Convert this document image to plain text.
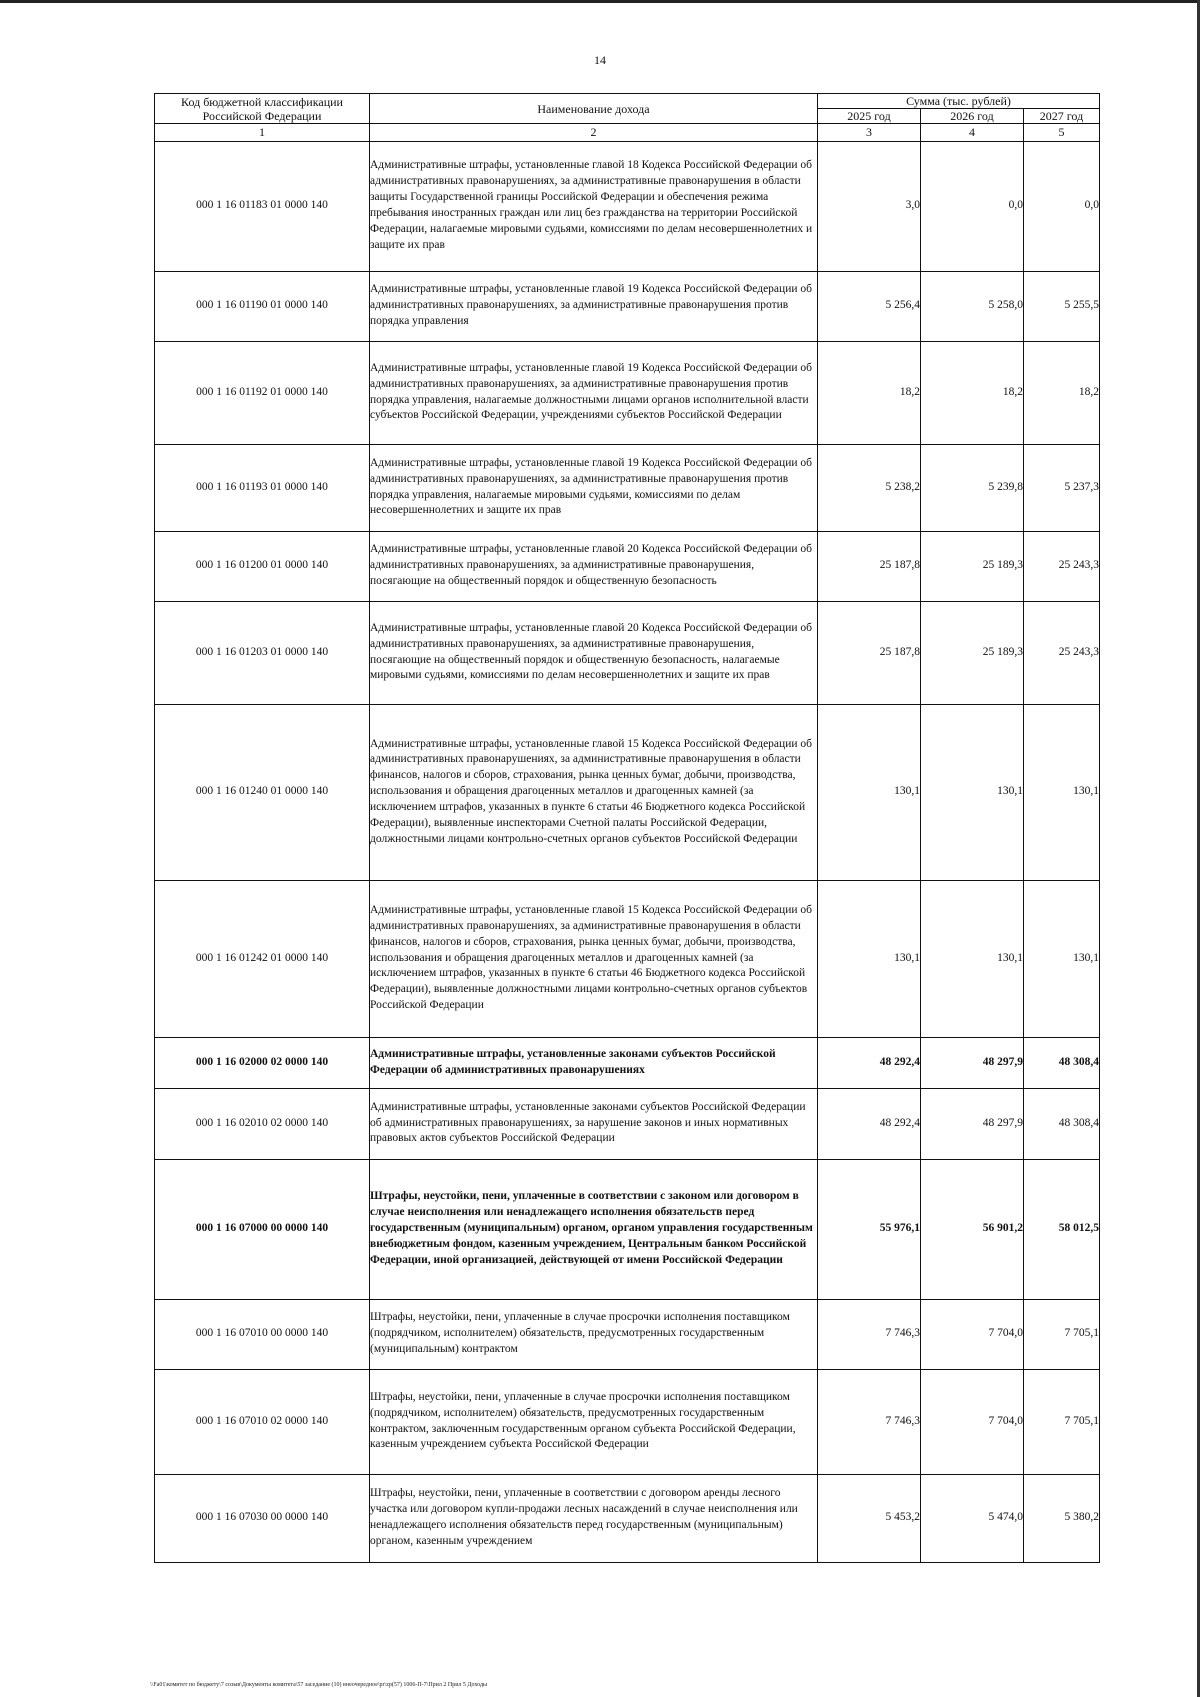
14
Код бюджетной классификации Российской Федерации	Наименование дохода	Сумма (тыс. рублей)		
		2025 год	2026 год	2027 год
1	2	3	4	5
000 1 16 01183 01 0000 140	Административные штрафы, установленные главой 18 Кодекса Российской Федерации об административных правонарушениях, за административные правонарушения в области защиты Государственной границы Российской Федерации и обеспечения режима пребывания иностранных граждан или лиц без гражданства на территории Российской Федерации, налагаемые мировыми судьями, комиссиями по делам несовершеннолетних и защите их прав	3,0	0,0	0,0
000 1 16 01190 01 0000 140	Административные штрафы, установленные главой 19 Кодекса Российской Федерации об административных правонарушениях, за административные правонарушения против порядка управления	5 256,4	5 258,0	5 255,5
000 1 16 01192 01 0000 140	Административные штрафы, установленные главой 19 Кодекса Российской Федерации об административных правонарушениях, за административные правонарушения против порядка управления, налагаемые должностными лицами органов исполнительной власти субъектов Российской Федерации, учреждениями субъектов Российской Федерации	18,2	18,2	18,2
000 1 16 01193 01 0000 140	Административные штрафы, установленные главой 19 Кодекса Российской Федерации об административных правонарушениях, за административные правонарушения против порядка управления, налагаемые мировыми судьями, комиссиями по делам несовершеннолетних и защите их прав	5 238,2	5 239,8	5 237,3
000 1 16 01200 01 0000 140	Административные штрафы, установленные главой 20 Кодекса Российской Федерации об административных правонарушениях, за административные правонарушения, посягающие на общественный порядок и общественную безопасность	25 187,8	25 189,3	25 243,3
000 1 16 01203 01 0000 140	Административные штрафы, установленные главой 20 Кодекса Российской Федерации об административных правонарушениях, за административные правонарушения, посягающие на общественный порядок и общественную безопасность, налагаемые мировыми судьями, комиссиями по делам несовершеннолетних и защите их прав	25 187,8	25 189,3	25 243,3
000 1 16 01240 01 0000 140	Административные штрафы, установленные главой 15 Кодекса Российской Федерации об административных правонарушениях, за административные правонарушения в области финансов, налогов и сборов, страхования, рынка ценных бумаг, добычи, производства, использования и обращения драгоценных металлов и драгоценных камней (за исключением штрафов, указанных в пункте 6 статьи 46 Бюджетного кодекса Российской Федерации), выявленные инспекторами Счетной палаты Российской Федерации, должностными лицами контрольно-счетных органов субъектов Российской Федерации	130,1	130,1	130,1
000 1 16 01242 01 0000 140	Административные штрафы, установленные главой 15 Кодекса Российской Федерации об административных правонарушениях, за административные правонарушения в области финансов, налогов и сборов, страхования, рынка ценных бумаг, добычи, производства, использования и обращения драгоценных металлов и драгоценных камней (за исключением штрафов, указанных в пункте 6 статьи 46 Бюджетного кодекса Российской Федерации), выявленные должностными лицами контрольно-счетных органов субъектов Российской Федерации	130,1	130,1	130,1
000 1 16 02000 02 0000 140	Административные штрафы, установленные законами субъектов Российской Федерации об административных правонарушениях	48 292,4	48 297,9	48 308,4
000 1 16 02010 02 0000 140	Административные штрафы, установленные законами субъектов Российской Федерации об административных правонарушениях, за нарушение законов и иных нормативных правовых актов субъектов Российской Федерации	48 292,4	48 297,9	48 308,4
000 1 16 07000 00 0000 140	Штрафы, неустойки, пени, уплаченные в соответствии с законом или договором в случае неисполнения или ненадлежащего исполнения обязательств перед государственным (муниципальным) органом, органом управления государственным внебюджетным фондом, казенным учреждением, Центральным банком Российской Федерации, иной организацией, действующей от имени Российской Федерации	55 976,1	56 901,2	58 012,5
000 1 16 07010 00 0000 140	Штрафы, неустойки, пени, уплаченные в случае просрочки исполнения поставщиком (подрядчиком, исполнителем) обязательств, предусмотренных государственным (муниципальным) контрактом	7 746,3	7 704,0	7 705,1
000 1 16 07010 02 0000 140	Штрафы, неустойки, пени, уплаченные в случае просрочки исполнения поставщиком (подрядчиком, исполнителем) обязательств, предусмотренных государственным контрактом, заключенным государственным органом субъекта Российской Федерации, казенным учреждением субъекта Российской Федерации	7 746,3	7 704,0	7 705,1
000 1 16 07030 00 0000 140	Штрафы, неустойки, пени, уплаченные в соответствии с договором аренды лесного участка или договором купли-продажи лесных насаждений в случае неисполнения или ненадлежащего исполнения обязательств перед государственным (муниципальным) органом, казенным учреждением	5 453,2	5 474,0	5 380,2
\\Fa01\комитет по бюджету\7 созыв\Документы комитета\57 заседание (10) внеочередное\pr\zp(57) 1006-П-7\Прил 2 Прил 5 Доходы
